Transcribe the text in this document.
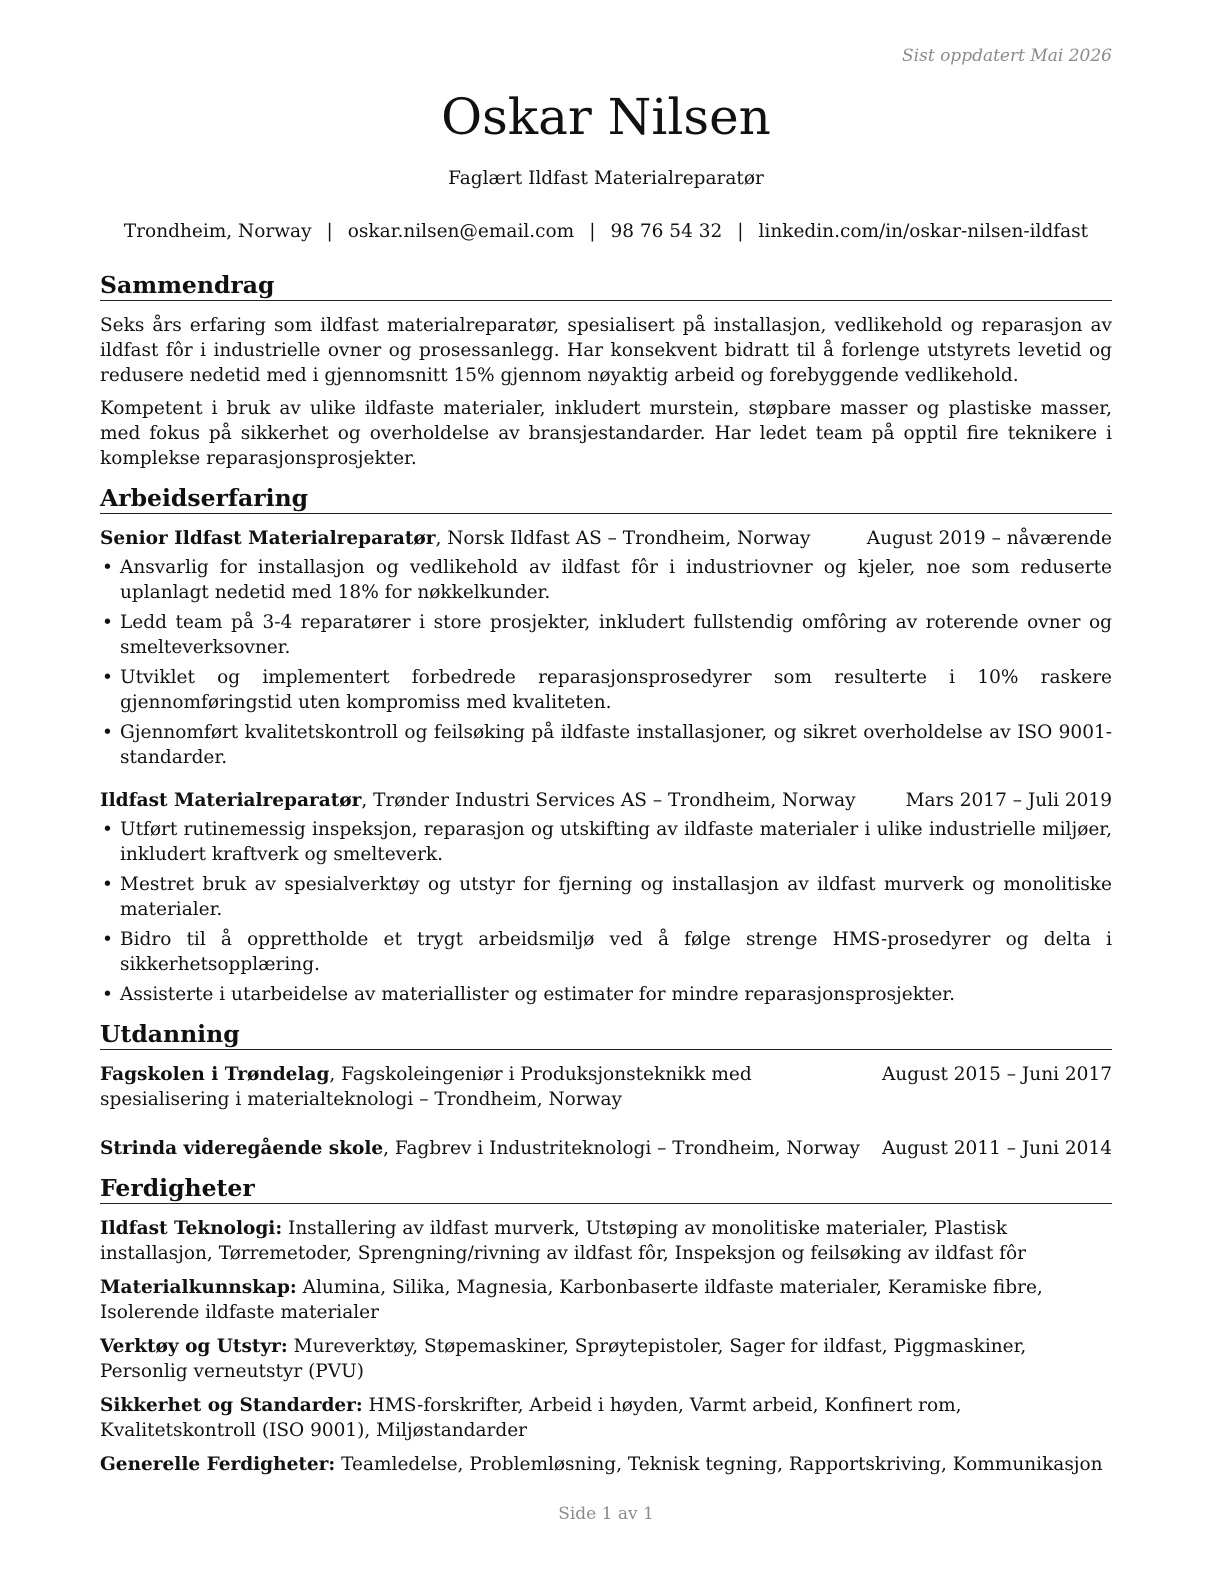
Sist oppdatert Mai 2026
Oskar Nilsen
Faglært Ildfast Materialreparatør
Trondheim, Norway | oskar.nilsen@email.com | 98 76 54 32 | linkedin.com/in/oskar-nilsen-ildfast
Sammendrag

Seks års erfaring som ildfast materialreparatør, spesialisert på installasjon, vedlikehold og reparasjon av ildfast fôr i industrielle ovner og prosessanlegg. Har konsekvent bidratt til å forlenge utstyrets levetid og redusere nedetid med i gjennomsnitt 15% gjennom nøyaktig arbeid og forebyggende vedlikehold.

Kompetent i bruk av ulike ildfaste materialer, inkludert murstein, støpbare masser og plastiske masser, med fokus på sikkerhet og overholdelse av bransjestandarder. Har ledet team på opptil fire teknikere i komplekse reparasjonsprosjekter.

Arbeidserfaring
Senior Ildfast Materialreparatør, Norsk Ildfast AS – Trondheim, Norway	August 2019 – nåværende
• Ansvarlig for installasjon og vedlikehold av ildfast fôr i industriovner og kjeler, noe som reduserte uplanlagt nedetid med 18% for nøkkelkunder.
• Ledd team på 3-4 reparatører i store prosjekter, inkludert fullstendig omfôring av roterende ovner og smelteverksovner.
• Utviklet og implementert forbedrede reparasjonsprosedyrer som resulterte i 10% raskere gjennomføringstid uten kompromiss med kvaliteten.
• Gjennomført kvalitetskontroll og feilsøking på ildfaste installasjoner, og sikret overholdelse av ISO 9001-standarder.
Ildfast Materialreparatør, Trønder Industri Services AS – Trondheim, Norway	Mars 2017 – Juli 2019
• Utført rutinemessig inspeksjon, reparasjon og utskifting av ildfaste materialer i ulike industrielle miljøer, inkludert kraftverk og smelteverk.
• Mestret bruk av spesialverktøy og utstyr for fjerning og installasjon av ildfast murverk og monolitiske materialer.
• Bidro til å opprettholde et trygt arbeidsmiljø ved å følge strenge HMS-prosedyrer og delta i sikkerhetsopplæring.
• Assisterte i utarbeidelse av materiallister og estimater for mindre reparasjonsprosjekter.
Utdanning
Fagskolen i Trøndelag, Fagskoleingeniør i Produksjonsteknikk med spesialisering i materialteknologi – Trondheim, Norway
August 2015 – Juni 2017
Strinda videregående skole, Fagbrev i Industriteknologi – Trondheim, Norway	August 2011 – Juni 2014
Ferdigheter

Ildfast Teknologi: Installering av ildfast murverk, Utstøping av monolitiske materialer, Plastisk installasjon, Tørremetoder, Sprengning/rivning av ildfast fôr, Inspeksjon og feilsøking av ildfast fôr

Materialkunnskap: Alumina, Silika, Magnesia, Karbonbaserte ildfaste materialer, Keramiske fibre, Isolerende ildfaste materialer

Verktøy og Utstyr: Mureverktøy, Støpemaskiner, Sprøytepistoler, Sager for ildfast, Piggmaskiner, Personlig verneutstyr (PVU)

Sikkerhet og Standarder: HMS-forskrifter, Arbeid i høyden, Varmt arbeid, Konfinert rom, Kvalitetskontroll (ISO 9001), Miljøstandarder

Generelle Ferdigheter: Teamledelse, Problemløsning, Teknisk tegning, Rapportskriving, Kommunikasjon

Side 1 av 1
